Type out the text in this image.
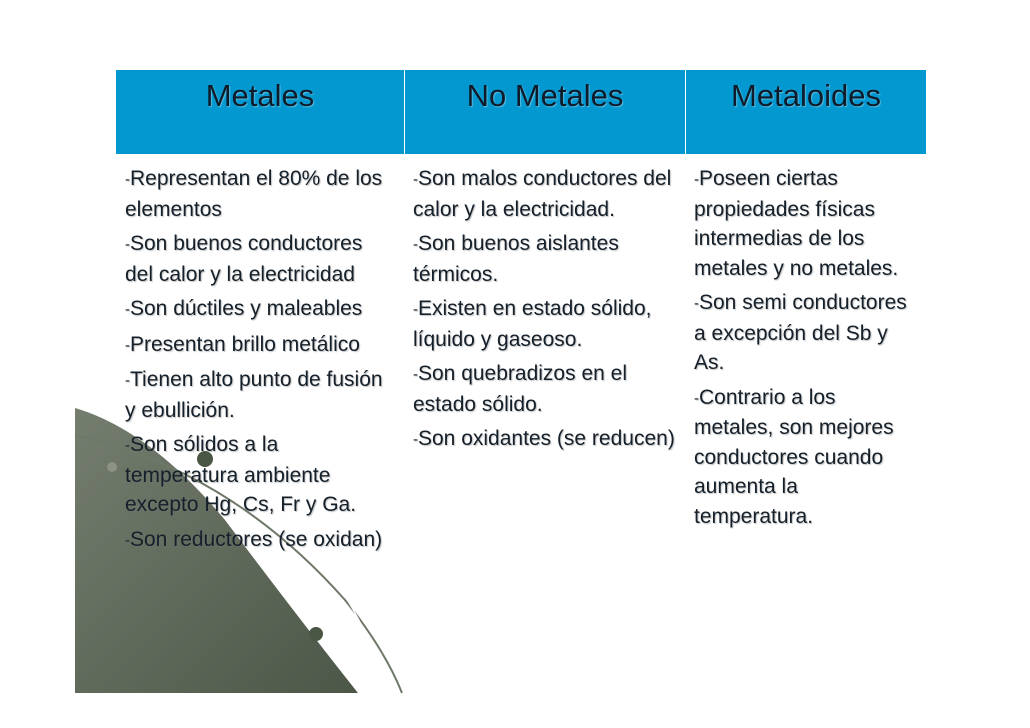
Metales	No Metales	Metaloides
-Representan el 80% de los elementos
-Son buenos conductores del calor y la electricidad
-Son dúctiles y maleables
-Presentan brillo metálico
-Tienen alto punto de fusión y ebullición.
-Son sólidos a la temperatura ambiente excepto Hg, Cs, Fr y Ga.
-Son reductores (se oxidan)
-Son malos conductores del calor y la electricidad.
-Son buenos aislantes térmicos.
-Existen en estado sólido, líquido y gaseoso.
-Son quebradizos en el estado sólido.
-Son oxidantes (se reducen)
-Poseen ciertas propiedades físicas intermedias de los metales y no metales.
-Son semi conductores a excepción del Sb y As.
-Contrario a los metales, son mejores conductores cuando aumenta la temperatura.
